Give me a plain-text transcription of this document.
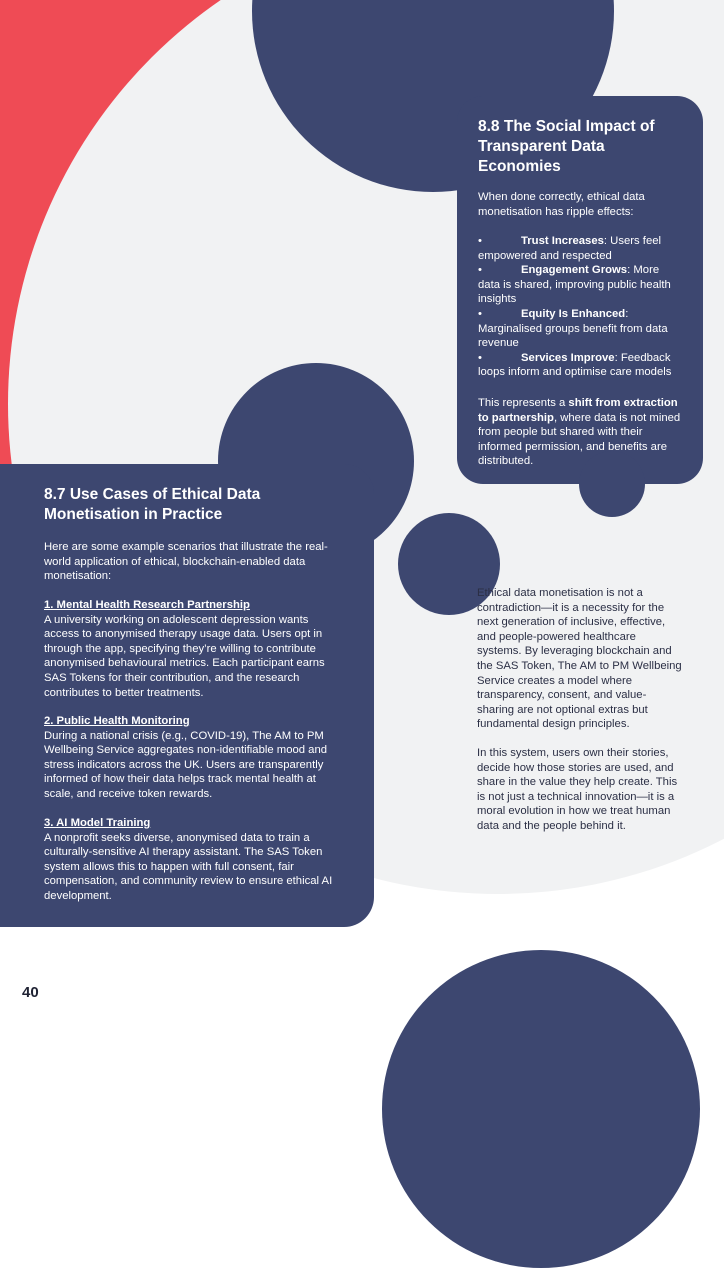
8.8 The Social Impact of Transparent Data Economies
When done correctly, ethical data monetisation has ripple effects:
•	Trust Increases: Users feel empowered and respected
•	Engagement Grows: More data is shared, improving public health insights
•	Equity Is Enhanced: Marginalised groups benefit from data revenue
•	Services Improve: Feedback loops inform and optimise care models
This represents a shift from extraction to partnership, where data is not mined from people but shared with their informed permission, and benefits are distributed.
8.7 Use Cases of Ethical Data Monetisation in Practice
Here are some example scenarios that illustrate the real-world application of ethical, blockchain-enabled data monetisation:
1. Mental Health Research Partnership
A university working on adolescent depression wants access to anonymised therapy usage data. Users opt in through the app, specifying they’re willing to contribute anonymised behavioural metrics. Each participant earns SAS Tokens for their contribution, and the research contributes to better treatments.
2. Public Health Monitoring
During a national crisis (e.g., COVID-19), The AM to PM Wellbeing Service aggregates non-identifiable mood and stress indicators across the UK. Users are transparently informed of how their data helps track mental health at scale, and receive token rewards.
3. AI Model Training
A nonprofit seeks diverse, anonymised data to train a culturally-sensitive AI therapy assistant. The SAS Token system allows this to happen with full consent, fair compensation, and community review to ensure ethical AI development.
Ethical data monetisation is not a contradiction—it is a necessity for the next generation of inclusive, effective, and people-powered healthcare systems. By leveraging blockchain and the SAS Token, The AM to PM Wellbeing Service creates a model where transparency, consent, and value-sharing are not optional extras but fundamental design principles.
In this system, users own their stories, decide how those stories are used, and share in the value they help create. This is not just a technical innovation—it is a moral evolution in how we treat human data and the people behind it.
40
